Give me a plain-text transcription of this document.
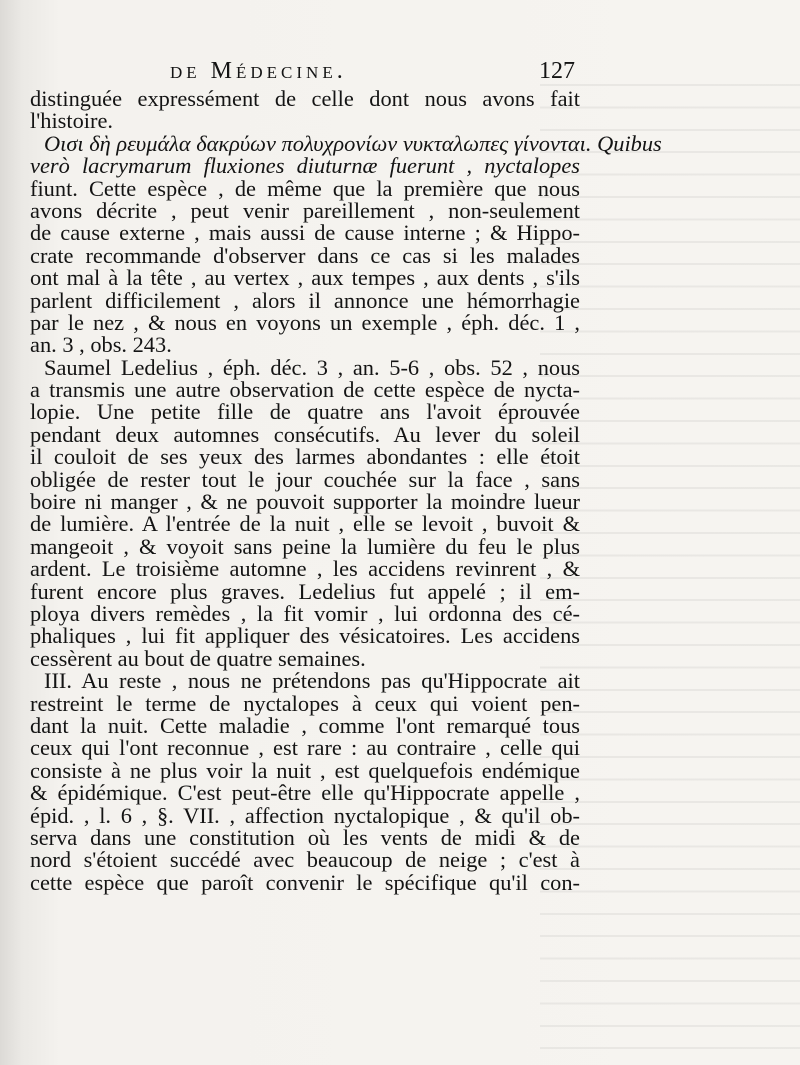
de Médecine.	127
distinguée expressément de celle dont nous avons fait
l'histoire.
Οισι δὴ ρευμάλα δακρύων πολυχρονίων νυκταλωπες γίνονται. Quibus
verò lacrymarum fluxiones diuturnæ fuerunt , nyctalopes
fiunt. Cette espèce , de même que la première que nous
avons décrite , peut venir pareillement , non-seulement
de cause externe , mais aussi de cause interne ; & Hippo-
crate recommande d'observer dans ce cas si les malades
ont mal à la tête , au vertex , aux tempes , aux dents , s'ils
parlent difficilement , alors il annonce une hémorrhagie
par le nez , & nous en voyons un exemple , éph. déc. 1 ,
an. 3 , obs. 243.
Saumel Ledelius , éph. déc. 3 , an. 5-6 , obs. 52 , nous
a transmis une autre observation de cette espèce de nycta-
lopie. Une petite fille de quatre ans l'avoit éprouvée
pendant deux automnes consécutifs. Au lever du soleil
il couloit de ses yeux des larmes abondantes : elle étoit
obligée de rester tout le jour couchée sur la face , sans
boire ni manger , & ne pouvoit supporter la moindre lueur
de lumière. A l'entrée de la nuit , elle se levoit , buvoit &
mangeoit , & voyoit sans peine la lumière du feu le plus
ardent. Le troisième automne , les accidens revinrent , &
furent encore plus graves. Ledelius fut appelé ; il em-
ploya divers remèdes , la fit vomir , lui ordonna des cé-
phaliques , lui fit appliquer des vésicatoires. Les accidens
cessèrent au bout de quatre semaines.
III. Au reste , nous ne prétendons pas qu'Hippocrate ait
restreint le terme de nyctalopes à ceux qui voient pen-
dant la nuit. Cette maladie , comme l'ont remarqué tous
ceux qui l'ont reconnue , est rare : au contraire , celle qui
consiste à ne plus voir la nuit , est quelquefois endémique
& épidémique. C'est peut-être elle qu'Hippocrate appelle ,
épid. , l. 6 , §. VII. , affection nyctalopique , & qu'il ob-
serva dans une constitution où les vents de midi & de
nord s'étoient succédé avec beaucoup de neige ; c'est à
cette espèce que paroît convenir le spécifique qu'il con-
